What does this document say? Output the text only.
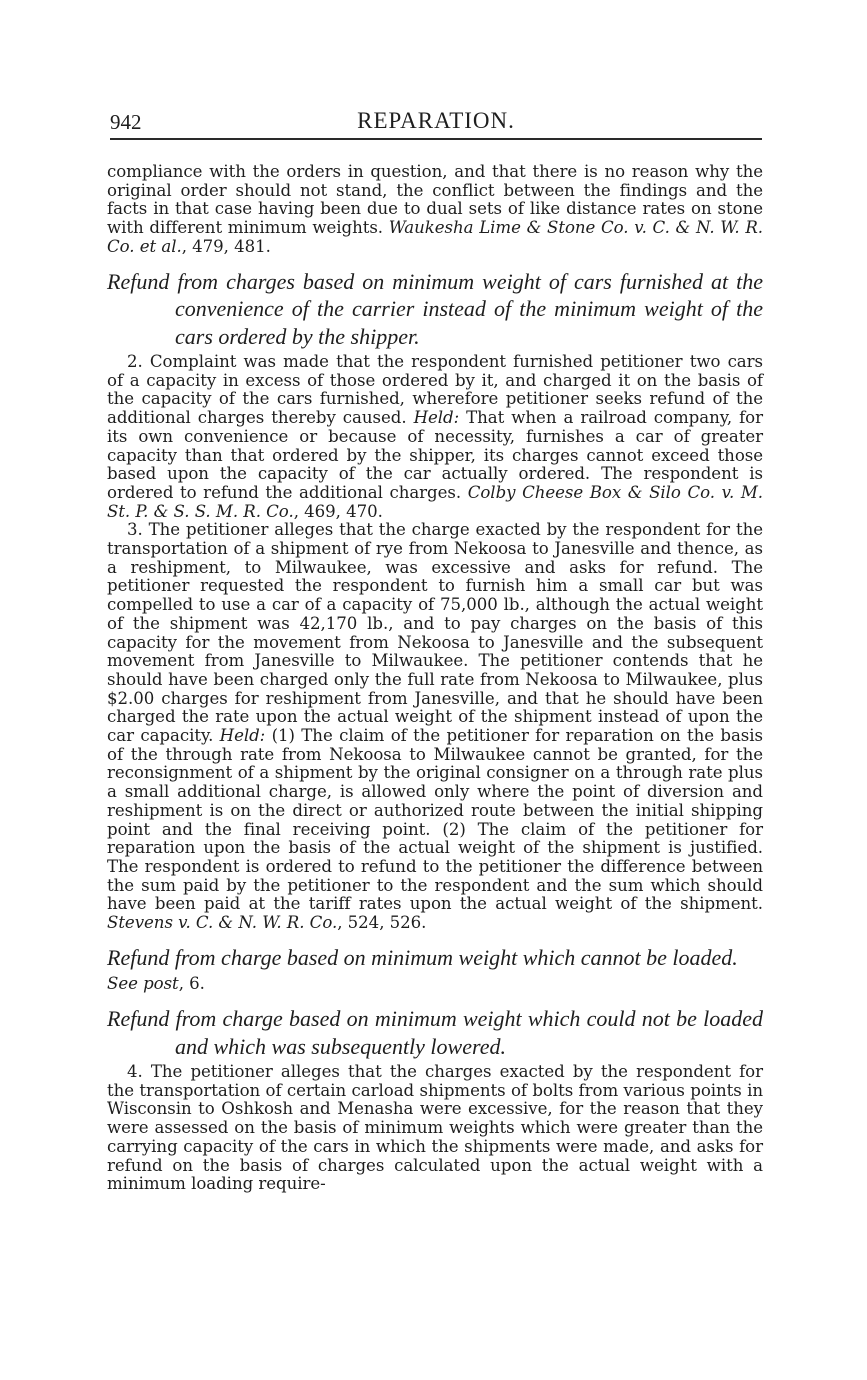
942	REPARATION.

compliance with the orders in question, and that there is no reason why the original order should not stand, the conflict between the findings and the facts in that case having been due to dual sets of like distance rates on stone with different minimum weights. Waukesha Lime & Stone Co. v. C. & N. W. R. Co. et al., 479, 481.

Refund from charges based on minimum weight of cars furnished at the convenience of the carrier instead of the minimum weight of the cars ordered by the shipper.

2. Complaint was made that the respondent furnished petitioner two cars of a capacity in excess of those ordered by it, and charged it on the basis of the capacity of the cars furnished, wherefore petitioner seeks refund of the additional charges thereby caused. Held: That when a railroad company, for its own convenience or because of necessity, furnishes a car of greater capacity than that ordered by the shipper, its charges cannot exceed those based upon the capacity of the car actually ordered. The respondent is ordered to refund the additional charges. Colby Cheese Box & Silo Co. v. M. St. P. & S. S. M. R. Co., 469, 470.

3. The petitioner alleges that the charge exacted by the respondent for the transportation of a shipment of rye from Nekoosa to Janesville and thence, as a reshipment, to Milwaukee, was excessive and asks for refund. The petitioner requested the respondent to furnish him a small car but was compelled to use a car of a capacity of 75,000 lb., although the actual weight of the shipment was 42,170 lb., and to pay charges on the basis of this capacity for the movement from Nekoosa to Janesville and the subsequent movement from Janesville to Milwaukee. The petitioner contends that he should have been charged only the full rate from Nekoosa to Milwaukee, plus $2.00 charges for reshipment from Janesville, and that he should have been charged the rate upon the actual weight of the shipment instead of upon the car capacity. Held: (1) The claim of the petitioner for reparation on the basis of the through rate from Nekoosa to Milwaukee cannot be granted, for the reconsignment of a shipment by the original consigner on a through rate plus a small additional charge, is allowed only where the point of diversion and reshipment is on the direct or authorized route between the initial shipping point and the final receiving point. (2) The claim of the petitioner for reparation upon the basis of the actual weight of the shipment is justified. The respondent is ordered to refund to the petitioner the difference between the sum paid by the petitioner to the respondent and the sum which should have been paid at the tariff rates upon the actual weight of the shipment. Stevens v. C. & N. W. R. Co., 524, 526.

Refund from charge based on minimum weight which cannot be loaded.

See post, 6.

Refund from charge based on minimum weight which could not be loaded and which was subsequently lowered.

4. The petitioner alleges that the charges exacted by the respondent for the transportation of certain carload shipments of bolts from various points in Wisconsin to Oshkosh and Menasha were excessive, for the reason that they were assessed on the basis of minimum weights which were greater than the carrying capacity of the cars in which the shipments were made, and asks for refund on the basis of charges calculated upon the actual weight with a minimum loading require-
